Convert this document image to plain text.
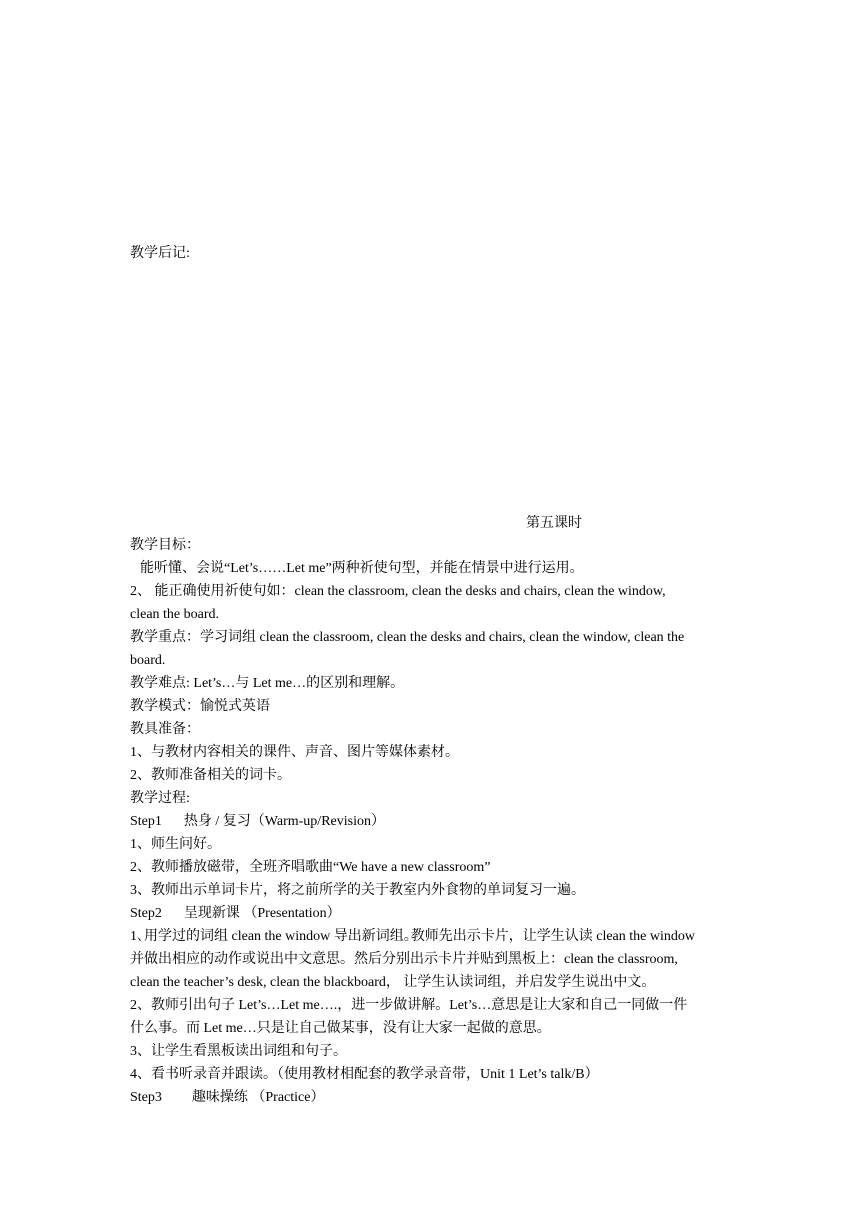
教学后记:
第五课时
教学目标：
能听懂、会说“Let’s……Let me”两种祈使句型，并能在情景中进行运用。
2、 能正确使用祈使句如：clean the classroom, clean the desks and chairs, clean the window,
clean the board.
教学重点：学习词组 clean the classroom, clean the desks and chairs, clean the window, clean the
board.
教学难点: Let’s…与 Let me…的区别和理解。
教学模式：愉悦式英语
教具准备：
1、与教材内容相关的课件、声音、图片等媒体素材。
2、教师准备相关的词卡。
教学过程:
Step1 热身 / 复习（Warm-up/Revision）
1、师生问好。
2、教师播放磁带，全班齐唱歌曲“We have a new classroom”
3、教师出示单词卡片，将之前所学的关于教室内外食物的单词复习一遍。
Step2 呈现新课 （Presentation）
1､用学过的词组 clean the window 导出新词组｡教师先出示卡片，让学生认读 clean the window
并做出相应的动作或说出中文意思。然后分别出示卡片并贴到黑板上：clean the classroom,
clean the teacher’s desk, clean the blackboard， 让学生认读词组，并启发学生说出中文。
2、教师引出句子 Let’s…Let me….，进一步做讲解。Let’s…意思是让大家和自己一同做一件
什么事。而 Let me…只是让自己做某事，没有让大家一起做的意思。
3、让学生看黑板读出词组和句子。
4、看书听录音并跟读。（使用教材相配套的教学录音带，Unit 1 Let’s talk/B）
Step3 趣味操练 （Practice）
